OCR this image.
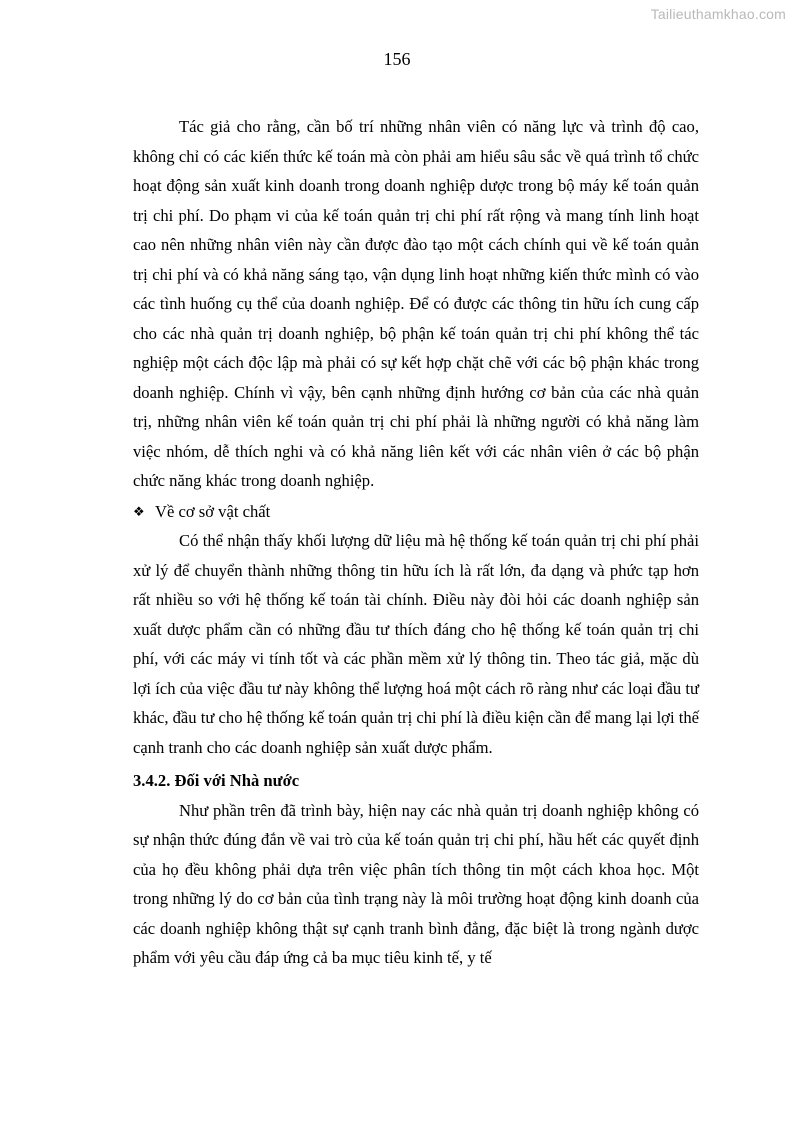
Tailieuthamkhao.com
156

Tác giả cho rằng, cần bố trí những nhân viên có năng lực và trình độ cao, không chỉ có các kiến thức kế toán mà còn phải am hiểu sâu sắc về quá trình tổ chức hoạt động sản xuất kinh doanh trong doanh nghiệp dược trong bộ máy kế toán quản trị chi phí. Do phạm vi của kế toán quản trị chi phí rất rộng và mang tính linh hoạt cao nên những nhân viên này cần được đào tạo một cách chính qui về kế toán quản trị chi phí và có khả năng sáng tạo, vận dụng linh hoạt những kiến thức mình có vào các tình huống cụ thể của doanh nghiệp. Để có được các thông tin hữu ích cung cấp cho các nhà quản trị doanh nghiệp, bộ phận kế toán quản trị chi phí không thể tác nghiệp một cách độc lập mà phải có sự kết hợp chặt chẽ với các bộ phận khác trong doanh nghiệp. Chính vì vậy, bên cạnh những định hướng cơ bản của các nhà quản trị, những nhân viên kế toán quản trị chi phí phải là những người có khả năng làm việc nhóm, dễ thích nghi và có khả năng liên kết với các nhân viên ở các bộ phận chức năng khác trong doanh nghiệp.

❖ Về cơ sở vật chất

Có thể nhận thấy khối lượng dữ liệu mà hệ thống kế toán quản trị chi phí phải xử lý để chuyển thành những thông tin hữu ích là rất lớn, đa dạng và phức tạp hơn rất nhiều so với hệ thống kế toán tài chính. Điều này đòi hỏi các doanh nghiệp sản xuất dược phẩm cần có những đầu tư thích đáng cho hệ thống kế toán quản trị chi phí, với các máy vi tính tốt và các phần mềm xử lý thông tin. Theo tác giả, mặc dù lợi ích của việc đầu tư này không thể lượng hoá một cách rõ ràng như các loại đầu tư khác, đầu tư cho hệ thống kế toán quản trị chi phí là điều kiện cần để mang lại lợi thế cạnh tranh cho các doanh nghiệp sản xuất dược phẩm.

3.4.2. Đối với Nhà nước

Như phần trên đã trình bày, hiện nay các nhà quản trị doanh nghiệp không có sự nhận thức đúng đắn về vai trò của kế toán quản trị chi phí, hầu hết các quyết định của họ đều không phải dựa trên việc phân tích thông tin một cách khoa học. Một trong những lý do cơ bản của tình trạng này là môi trường hoạt động kinh doanh của các doanh nghiệp không thật sự cạnh tranh bình đẳng, đặc biệt là trong ngành dược phẩm với yêu cầu đáp ứng cả ba mục tiêu kinh tế, y tế
